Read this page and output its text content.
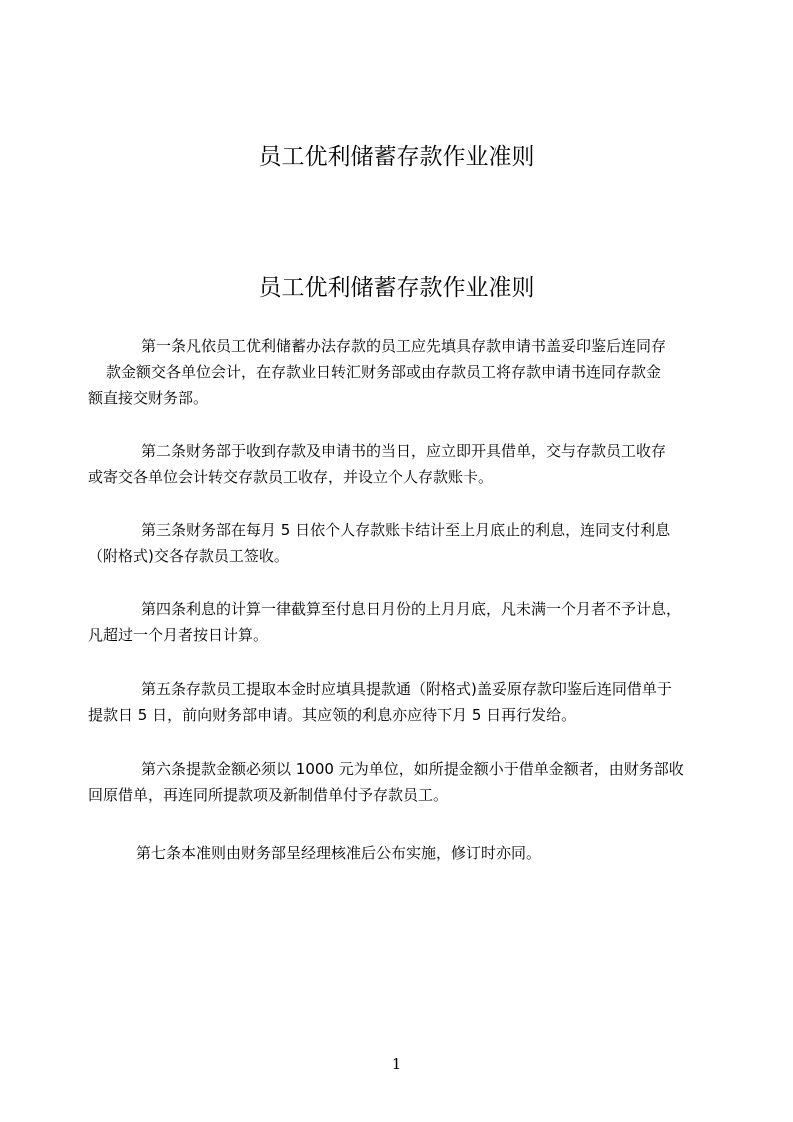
员工优利储蓄存款作业准则
员工优利储蓄存款作业准则

第一条凡依员工优利储蓄办法存款的员工应先填具存款申请书盖妥印鉴后连同存
款金额交各单位会计，在存款业日转汇财务部或由存款员工将存款申请书连同存款金
额直接交财务部。

第二条财务部于收到存款及申请书的当日，应立即开具借单，交与存款员工收存
或寄交各单位会计转交存款员工收存，并设立个人存款账卡。

第三条财务部在每月 5 日依个人存款账卡结计至上月底止的利息，连同支付利息
（附格式)交各存款员工签收。

第四条利息的计算一律截算至付息日月份的上月月底，凡未满一个月者不予计息，
凡超过一个月者按日计算。

第五条存款员工提取本金时应填具提款通（附格式)盖妥原存款印鉴后连同借单于
提款日 5 日，前向财务部申请。其应领的利息亦应待下月 5 日再行发给。

第六条提款金额必须以 1000 元为单位，如所提金额小于借单金额者，由财务部收
回原借单，再连同所提款项及新制借单付予存款员工。

第七条本准则由财务部呈经理核准后公布实施，修订时亦同。

1
